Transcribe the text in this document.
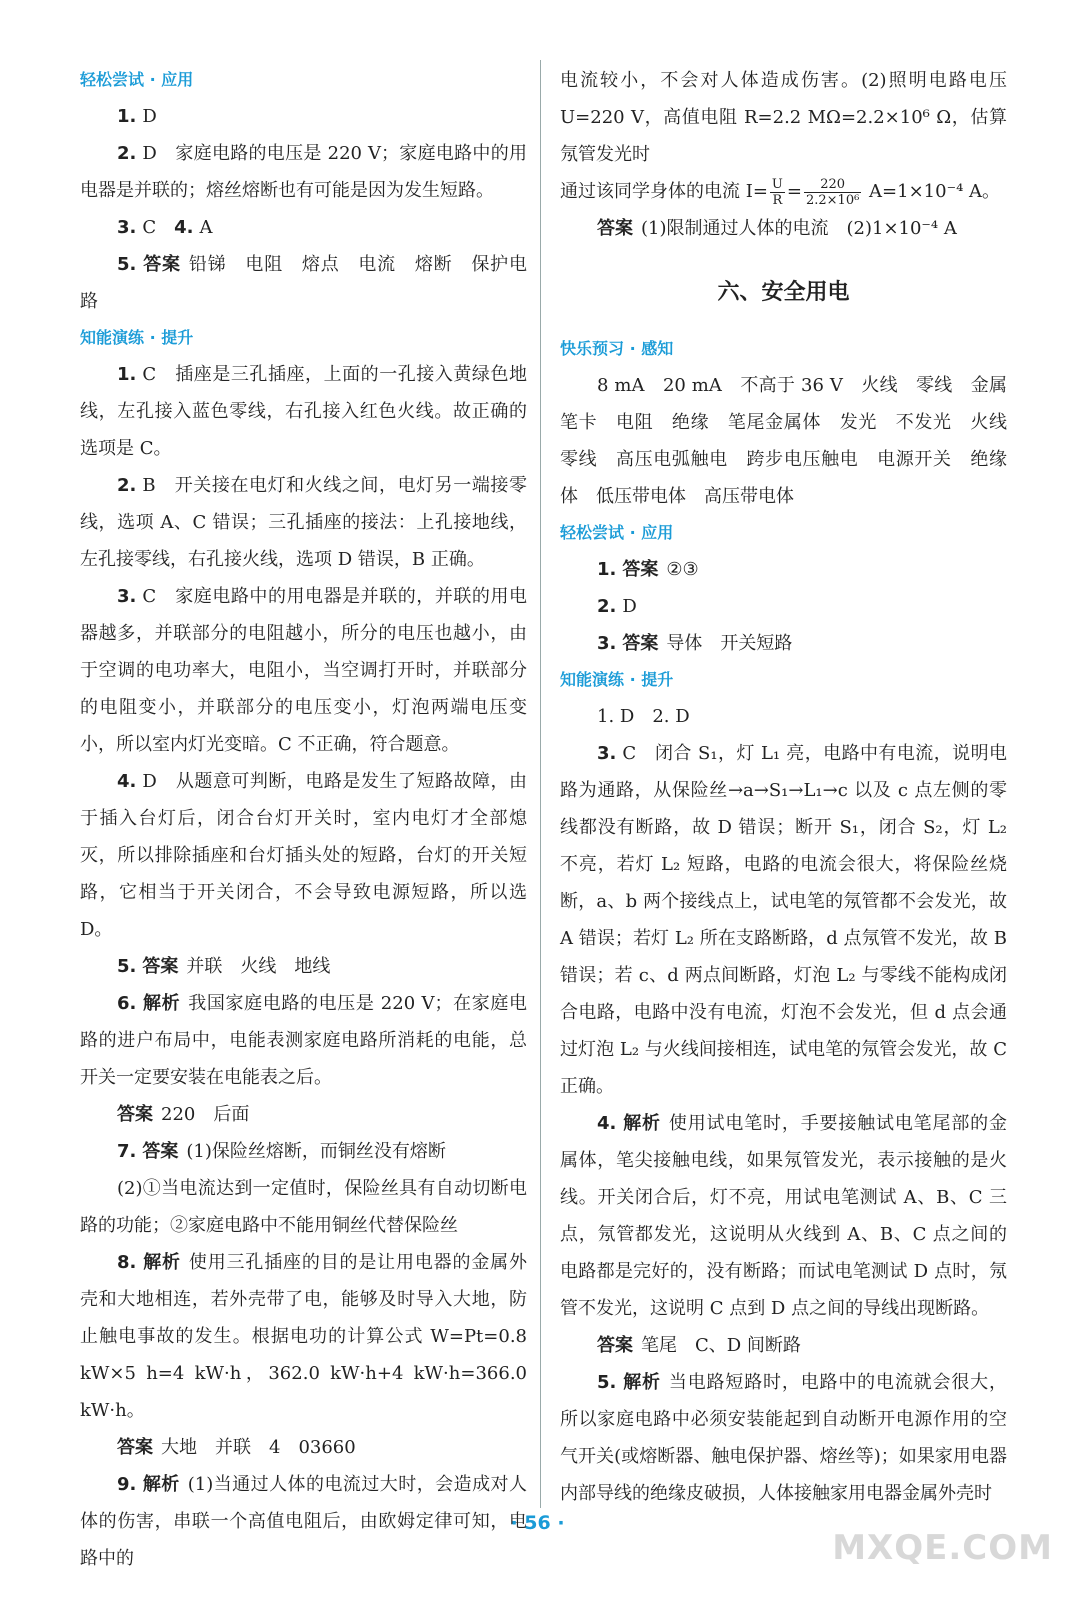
轻松尝试 · 应用

1. D

2. D　家庭电路的电压是 220 V；家庭电路中的用电器是并联的；熔丝熔断也有可能是因为发生短路。

3. C　 4. A

5. 答案 铅锑　电阻　熔点　电流　熔断　保护电路

知能演练 · 提升

1. C　插座是三孔插座，上面的一孔接入黄绿色地线，左孔接入蓝色零线，右孔接入红色火线。故正确的选项是 C。

2. B　开关接在电灯和火线之间，电灯另一端接零线，选项 A、C 错误；三孔插座的接法：上孔接地线，左孔接零线，右孔接火线，选项 D 错误，B 正确。

3. C　家庭电路中的用电器是并联的，并联的用电器越多，并联部分的电阻越小，所分的电压也越小，由于空调的电功率大，电阻小，当空调打开时，并联部分的电阻变小，并联部分的电压变小，灯泡两端电压变小，所以室内灯光变暗。C 不正确，符合题意。

4. D　从题意可判断，电路是发生了短路故障，由于插入台灯后，闭合台灯开关时，室内电灯才全部熄灭，所以排除插座和台灯插头处的短路，台灯的开关短路，它相当于开关闭合，不会导致电源短路，所以选 D。

5. 答案 并联　火线　地线

6. 解析 我国家庭电路的电压是 220 V；在家庭电路的进户布局中，电能表测家庭电路所消耗的电能，总开关一定要安装在电能表之后。

答案 220　后面

7. 答案 (1)保险丝熔断，而铜丝没有熔断

(2)①当电流达到一定值时，保险丝具有自动切断电路的功能；②家庭电路中不能用铜丝代替保险丝

8. 解析 使用三孔插座的目的是让用电器的金属外壳和大地相连，若外壳带了电，能够及时导入大地，防止触电事故的发生。根据电功的计算公式 W=Pt=0.8 kW×5 h=4 kW·h，362.0 kW·h+4 kW·h=366.0 kW·h。

答案 大地　并联　4　03660

9. 解析 (1)当通过人体的电流过大时，会造成对人体的伤害，串联一个高值电阻后，由欧姆定律可知，电路中的

电流较小，不会对人体造成伤害。(2)照明电路电压 U=220 V，高值电阻 R=2.2 MΩ=2.2×10⁶ Ω，估算氖管发光时

通过该同学身体的电流 $I= \frac{U}{R} = \frac{220}{\text{2.2×10⁶}} A=1\times 10^{-4}$ A。

答案 (1)限制通过人体的电流　(2)1×10⁻⁴ A

六、安全用电
快乐预习 · 感知

8 mA　20 mA　不高于 36 V　火线　零线　金属笔卡　电阻　绝缘　笔尾金属体　发光　不发光　火线　零线　高压电弧触电　跨步电压触电　电源开关　绝缘体　低压带电体　高压带电体

轻松尝试 · 应用

1. 答案 ②③

2. D

3. 答案 导体　开关短路

知能演练 · 提升

1. D　2. D

3. C　闭合 S₁，灯 L₁ 亮，电路中有电流，说明电路为通路，从保险丝→a→S₁→L₁→c 以及 c 点左侧的零线都没有断路，故 D 错误；断开 S₁，闭合 S₂，灯 L₂ 不亮，若灯 L₂ 短路，电路的电流会很大，将保险丝烧断，a、b 两个接线点上，试电笔的氖管都不会发光，故 A 错误；若灯 L₂ 所在支路断路，d 点氖管不发光，故 B 错误；若 c、d 两点间断路，灯泡 L₂ 与零线不能构成闭合电路，电路中没有电流，灯泡不会发光，但 d 点会通过灯泡 L₂ 与火线间接相连，试电笔的氖管会发光，故 C 正确。

4. 解析 使用试电笔时，手要接触试电笔尾部的金属体，笔尖接触电线，如果氖管发光，表示接触的是火线。开关闭合后，灯不亮，用试电笔测试 A、B、C 三点，氖管都发光，这说明从火线到 A、B、C 点之间的电路都是完好的，没有断路；而试电笔测试 D 点时，氖管不发光，这说明 C 点到 D 点之间的导线出现断路。

答案 笔尾　C、D 间断路

5. 解析 当电路短路时，电路中的电流就会很大，所以家庭电路中必须安装能起到自动断开电源作用的空气开关(或熔断器、触电保护器、熔丝等)；如果家用电器内部导线的绝缘皮破损，人体接触家用电器金属外壳时

· 56 ·
MXQE.COM
